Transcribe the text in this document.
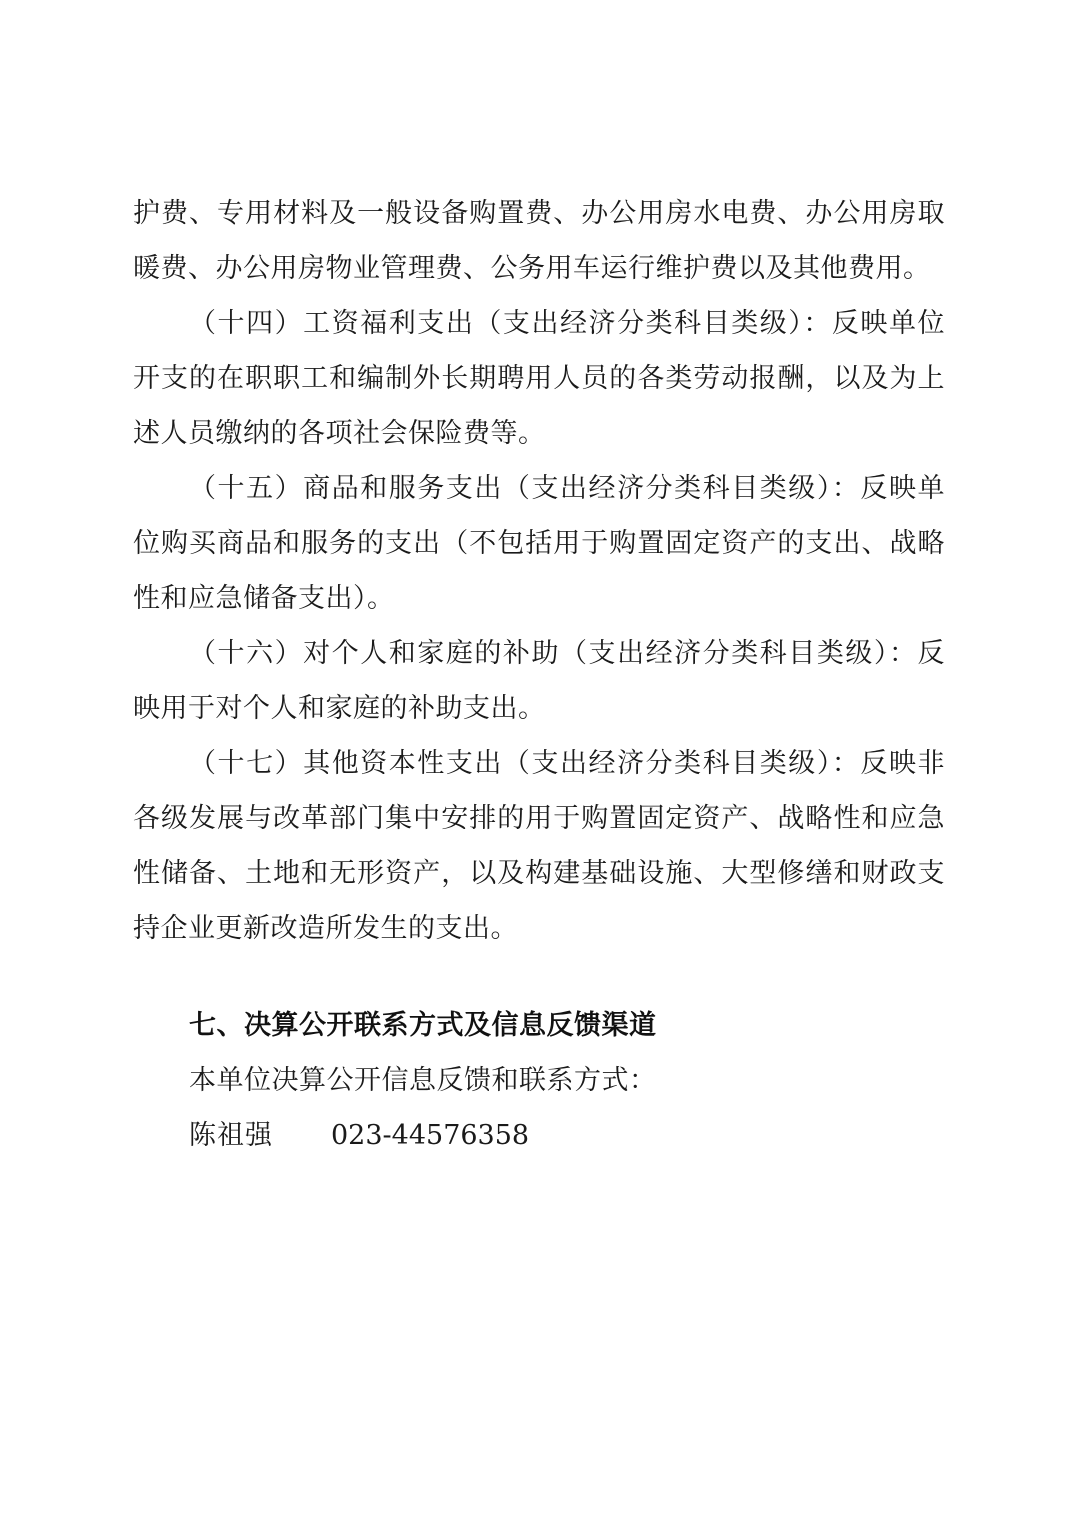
护费、专用材料及一般设备购置费、办公用房水电费、办公用房取暖费、办公用房物业管理费、公务用车运行维护费以及其他费用。

（十四）工资福利支出（支出经济分类科目类级）：反映单位开支的在职职工和编制外长期聘用人员的各类劳动报酬，以及为上述人员缴纳的各项社会保险费等。

（十五）商品和服务支出（支出经济分类科目类级）：反映单位购买商品和服务的支出（不包括用于购置固定资产的支出、战略性和应急储备支出）。

（十六）对个人和家庭的补助（支出经济分类科目类级）：反映用于对个人和家庭的补助支出。

（十七）其他资本性支出（支出经济分类科目类级）：反映非各级发展与改革部门集中安排的用于购置固定资产、战略性和应急性储备、土地和无形资产，以及构建基础设施、大型修缮和财政支持企业更新改造所发生的支出。

七、决算公开联系方式及信息反馈渠道

本单位决算公开信息反馈和联系方式：

陈祖强 023-44576358
